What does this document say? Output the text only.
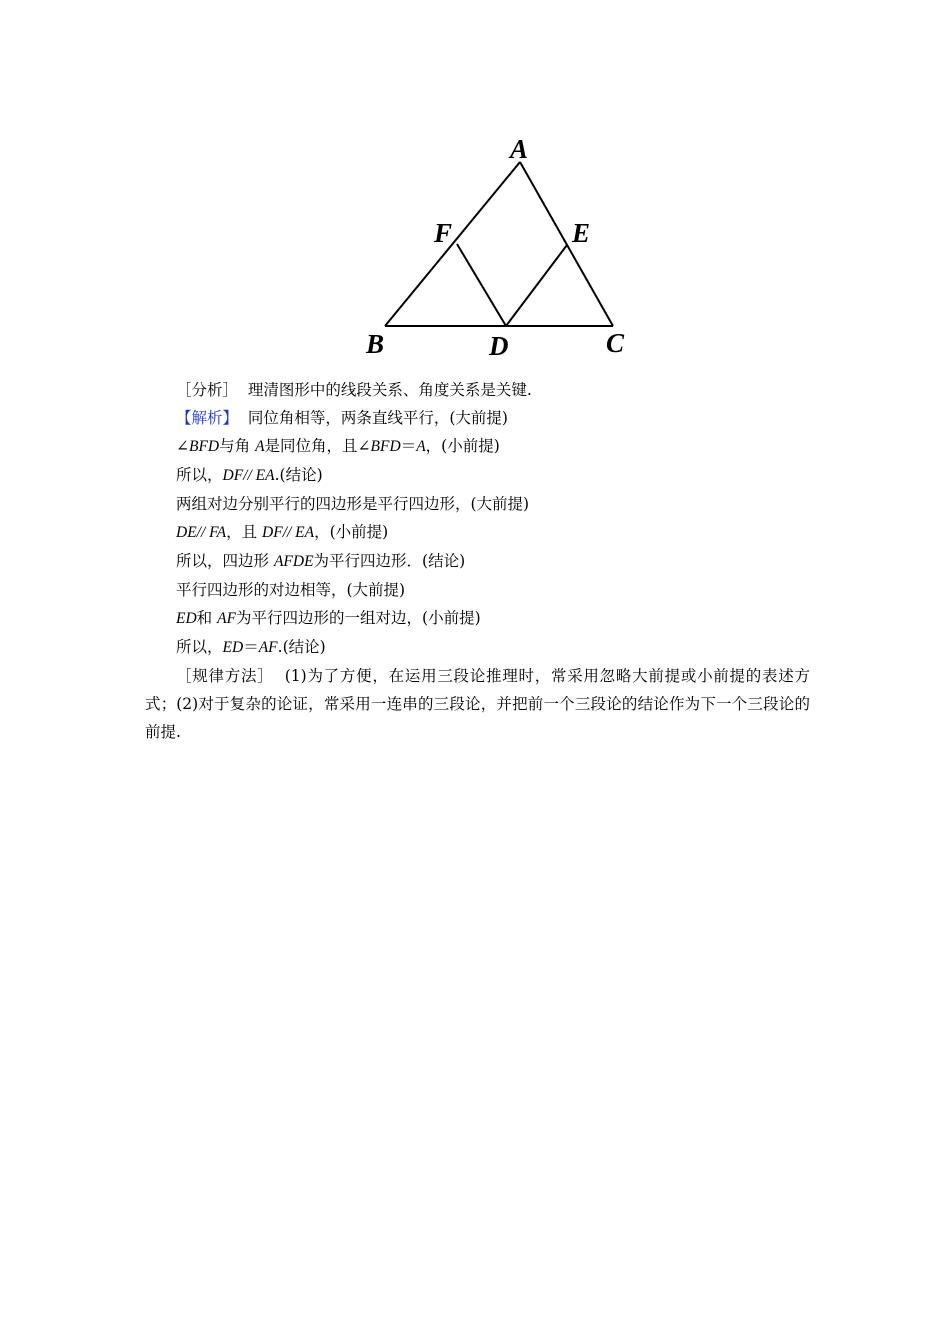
A
F	E
B	D	C
［分析］ 理清图形中的线段关系、角度关系是关键.
【解析】 同位角相等，两条直线平行，(大前提)
∠BFD与角 A是同位角，且∠BFD＝A，(小前提)
所以，DF// EA.(结论)
两组对边分别平行的四边形是平行四边形，(大前提)
DE// FA，且 DF// EA，(小前提)
所以，四边形 AFDE为平行四边形．(结论)
平行四边形的对边相等，(大前提)
ED和 AF为平行四边形的一组对边，(小前提)
所以，ED＝AF.(结论)
［规律方法］ (1)为了方便，在运用三段论推理时，常采用忽略大前提或小前提的表述方式；(2)对于复杂的论证，常采用一连串的三段论，并把前一个三段论的结论作为下一个三段论的前提.
